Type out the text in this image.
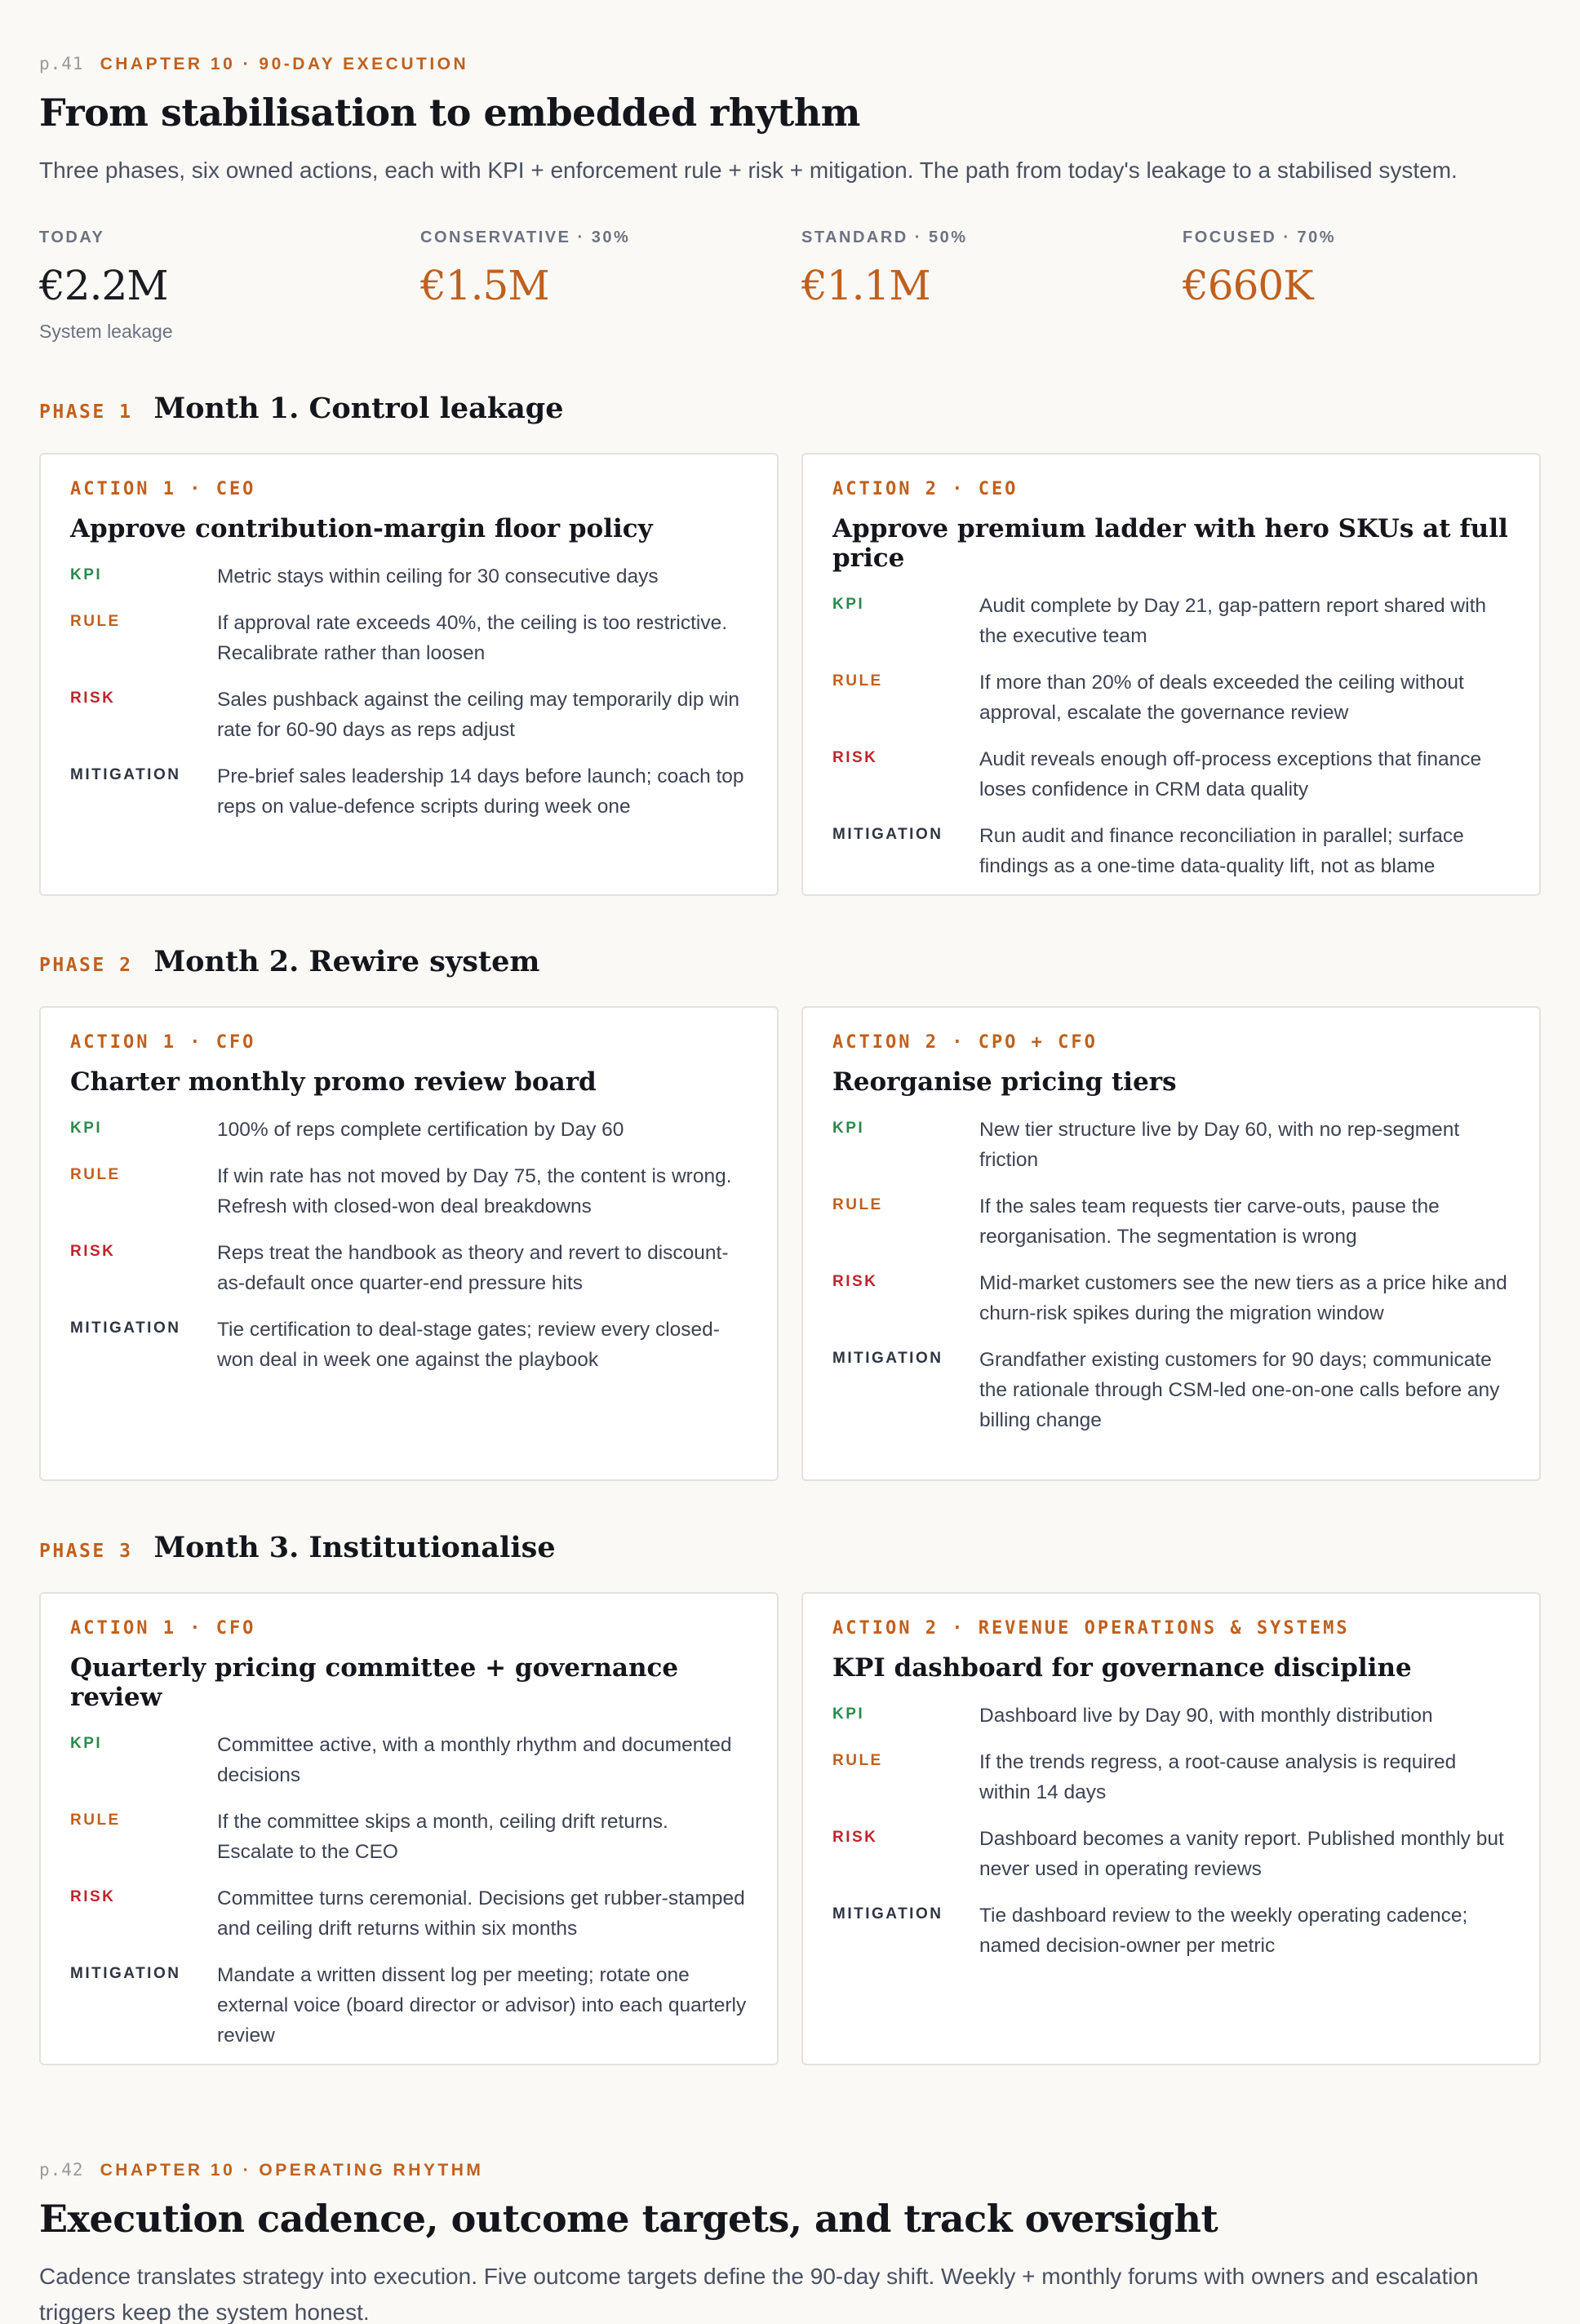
p.41 CHAPTER 10 · 90-DAY EXECUTION
From stabilisation to embedded rhythm
Three phases, six owned actions, each with KPI + enforcement rule + risk + mitigation. The path from today's leakage to a stabilised system.
TODAY
€2.2M
System leakage
CONSERVATIVE · 30%
€1.5M
STANDARD · 50%
€1.1M
FOCUSED · 70%
€660K
PHASE 1 Month 1. Control leakage
ACTION 1 · CEO
Approve contribution-margin floor policy
KPI	Metric stays within ceiling for 30 consecutive days
RULE	If approval rate exceeds 40%, the ceiling is too restrictive. Recalibrate rather than loosen
RISK	Sales pushback against the ceiling may temporarily dip win rate for 60-90 days as reps adjust
MITIGATION	Pre-brief sales leadership 14 days before launch; coach top reps on value-defence scripts during week one
ACTION 2 · CEO
Approve premium ladder with hero SKUs at full price
KPI	Audit complete by Day 21, gap-pattern report shared with the executive team
RULE	If more than 20% of deals exceeded the ceiling without approval, escalate the governance review
RISK	Audit reveals enough off-process exceptions that finance loses confidence in CRM data quality
MITIGATION	Run audit and finance reconciliation in parallel; surface findings as a one-time data-quality lift, not as blame
PHASE 2 Month 2. Rewire system
ACTION 1 · CFO
Charter monthly promo review board
KPI	100% of reps complete certification by Day 60
RULE	If win rate has not moved by Day 75, the content is wrong. Refresh with closed-won deal breakdowns
RISK	Reps treat the handbook as theory and revert to discount-as-default once quarter-end pressure hits
MITIGATION	Tie certification to deal-stage gates; review every closed-won deal in week one against the playbook
ACTION 2 · CPO + CFO
Reorganise pricing tiers
KPI	New tier structure live by Day 60, with no rep-segment friction
RULE	If the sales team requests tier carve-outs, pause the reorganisation. The segmentation is wrong
RISK	Mid-market customers see the new tiers as a price hike and churn-risk spikes during the migration window
MITIGATION	Grandfather existing customers for 90 days; communicate the rationale through CSM-led one-on-one calls before any billing change
PHASE 3 Month 3. Institutionalise
ACTION 1 · CFO
Quarterly pricing committee + governance review
KPI	Committee active, with a monthly rhythm and documented decisions
RULE	If the committee skips a month, ceiling drift returns. Escalate to the CEO
RISK	Committee turns ceremonial. Decisions get rubber-stamped and ceiling drift returns within six months
MITIGATION	Mandate a written dissent log per meeting; rotate one external voice (board director or advisor) into each quarterly review
ACTION 2 · REVENUE OPERATIONS & SYSTEMS
KPI dashboard for governance discipline
KPI	Dashboard live by Day 90, with monthly distribution
RULE	If the trends regress, a root-cause analysis is required within 14 days
RISK	Dashboard becomes a vanity report. Published monthly but never used in operating reviews
MITIGATION	Tie dashboard review to the weekly operating cadence; named decision-owner per metric
p.42 CHAPTER 10 · OPERATING RHYTHM
Execution cadence, outcome targets, and track oversight
Cadence translates strategy into execution. Five outcome targets define the 90-day shift. Weekly + monthly forums with owners and escalation triggers keep the system honest.
